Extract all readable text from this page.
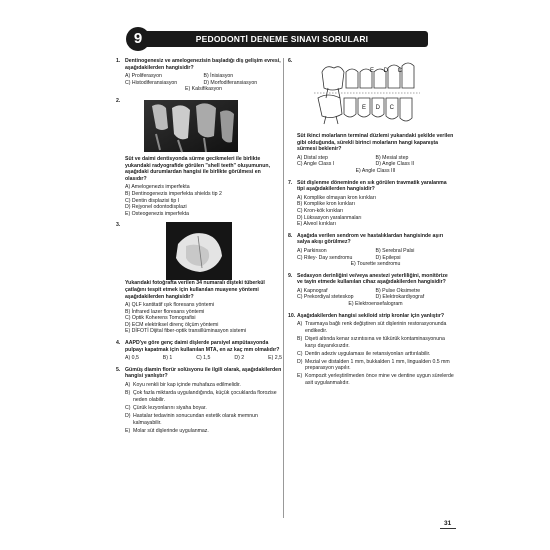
PEDODONTİ DENEME SINAVI SORULARI
9
1. Dentinogenesiz ve amelogenezisin başladığı diş gelişim evresi, aşağıdakilerden hangisidir?
A) Proliferasyon	B) İnisiasyon
C) Histodiferansiasyon	D) Morfodiferansiasyon
E) Kalsifikasyon
2.
Süt ve daimi dentisyonda sürme gecikmeleri ile birlikte yukarıdaki radyografide görülen "shell teeth" oluşumunun, aşağıdaki durumlardan hangisi ile birlikte görülmesi en olasıdır?
A) Amelogenezis imperfekta
B) Dentinogenezis imperfekta shields tip 2
C) Dentin displazisi tip I
D) Rejyonel odontodisplazi
E) Osteogenezis imperfekta
3.
Yukarıdaki fotoğrafta verilen 34 numaralı dişteki tüberkül çatlağını tespit etmek için kullanılan muayene yöntemi aşağıdakilerden hangisidir?
A) QLF kantitatif ışık floresans yöntemi
B) İnfrared lazer floresans yöntemi
C) Optik Koherens Tomografisi
D) ECM elektriksel direnç ölçüm yöntemi
E) DİFOTİ Dijital fiber-optik transillüminasyon sistemi
4. AAPD'ye göre genç daimi dişlerde parsiyel ampütasyonda pulpayı kapatmak için kullanılan MTA, en az kaç mm olmalıdır?
A) 0,5	B) 1	C) 1,5	D) 2	E) 2,5
5. Gümüş diamin florür solüsyonu ile ilgili olarak, aşağıdakilerden hangisi yanlıştır?
A) Koyu renkli bir kap içinde muhafaza edilmelidir.
B) Çok fazla miktarda uygulandığında, küçük çocuklarda florozise neden olabilir.
C) Çürük lezyonlarını siyaha boyar.
D) Hastalar tedavinin sonucundan estetik olarak memnun kalmayabilir.
E) Molar süt dişlerinde uygulanmaz.
6.
E D C
E D C
Süt ikinci molarların terminal düzlemi yukarıdaki şekilde verilen gibi olduğunda, sürekli birinci molarların hangi kapanışta sürmesi beklenir?
A) Distal step	B) Mesial step
C) Angle Class I	D) Angle Class II
E) Angle Class III
7. Süt dişlenme döneminde en sık görülen travmatik yaralanma tipi aşağıdakilerden hangisidir?
A) Komplike olmayan kron kırıkları
B) Komplike kron kırıkları
C) Kron-kök kırıkları
D) Lüksasyon yaralanmaları
E) Alveol kırıkları
8. Aşağıda verilen sendrom ve hastalıklardan hangisinde aşırı salya akışı görülmez?
A) Parkinson	B) Serebral Palsi
C) Riley- Day sendromu	D) Epilepsi
E) Tourette sendromu
9. Sedasyon derinliğini ve/veya anestezi yeterliliğini, monitörize ve tayin etmede kullanılan cihaz aşağıdakilerden hangisidir?
A) Kapnograf	B) Pulse Oksimetre
C) Prekordiyal steteskop	D) Elektrokardiyograf
E) Elektroensefalogram
10. Aşağıdakilerden hangisi sekiloid strip kronlar için yanlıştır?
A) Travmaya bağlı renk değiştiren süt dişlerinin restorasyonunda endikedir.
B) Dişeti altında kenar sızıntısına ve tükürük kontaminasyonuna karşı dayanıksızdır.
C) Dentin adeziv uygulaması ile retansiyonları arttırılabilir.
D) Mezial ve distalden 1 mm, bukkalden 1 mm, lingualden 0.5 mm preparasyon yapılır.
E) Kompozit yerleştirilmeden önce mine ve dentine uygun sürelerde asit uygulanmalıdır.
31
